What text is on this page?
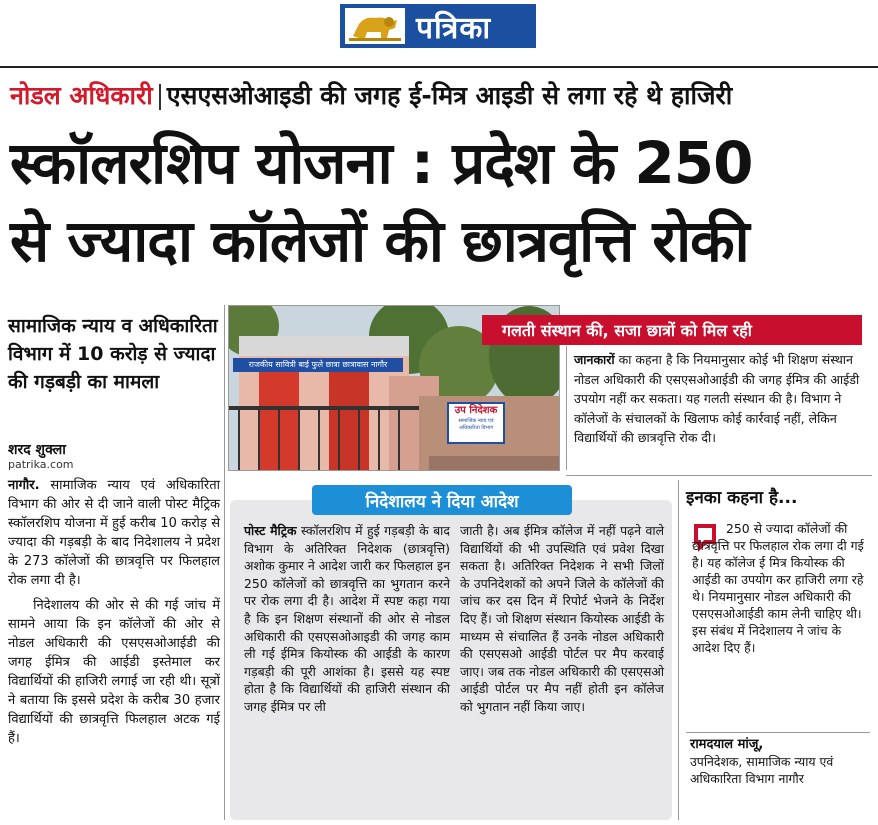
पत्रिका
नोडल अधिकारी एसएसओआइडी की जगह ई-मित्र आइडी से लगा रहे थे हाजिरी
स्कॉलरशिप योजना : प्रदेश के 250
से ज्यादा कॉलेजों की छात्रवृत्ति रोकी
सामाजिक न्याय व अधिकारिता विभाग में 10 करोड़ से ज्यादा की गड़बड़ी का मामला
शरद शुक्ला
patrika.com

नागौर. सामाजिक न्याय एवं अधिकारिता विभाग की ओर से दी जाने वाली पोस्ट मैट्रिक स्कॉलरशिप योजना में हुई करीब 10 करोड़ से ज्यादा की गड़बड़ी के बाद निदेशालय ने प्रदेश के 273 कॉलेजों की छात्रवृत्ति पर फिलहाल रोक लगा दी है।

निदेशालय की ओर से की गई जांच में सामने आया कि इन कॉलेजों की ओर से नोडल अधिकारी की एसएसओआईडी की जगह ईमित्र की आईडी इस्तेमाल कर विद्यार्थियों की हाजिरी लगाई जा रही थी। सूत्रों ने बताया कि इससे प्रदेश के करीब 30 हजार विद्यार्थियों की छात्रवृत्ति फिलहाल अटक गई हैं।

राजकीय सावित्री बाई फुले छात्रा छात्रावास नागौर
उप निदेशक
सामाजिक न्याय एवं अधिकारिता विभाग
गलती संस्थान की, सजा छात्रों को मिल रही
जानकारों का कहना है कि नियमानुसार कोई भी शिक्षण संस्थान नोडल अधिकारी की एसएसओआईडी की जगह ईमित्र की आईडी उपयोग नहीं कर सकता। यह गलती संस्थान की है। विभाग ने कॉलेजों के संचालकों के खिलाफ कोई कार्रवाई नहीं, लेकिन विद्यार्थियों की छात्रवृत्ति रोक दी।
निदेशालय ने दिया आदेश
पोस्ट मैट्रिक स्कॉलरशिप में हुई गड़बड़ी के बाद विभाग के अतिरिक्त निदेशक (छात्रवृत्ति) अशोक कुमार ने आदेश जारी कर फिलहाल इन 250 कॉलेजों को छात्रवृत्ति का भुगतान करने पर रोक लगा दी है। आदेश में स्पष्ट कहा गया है कि इन शिक्षण संस्थानों की ओर से नोडल अधिकारी की एसएसओआइडी की जगह काम ली गई ईमित्र कियोस्क की आईडी के कारण गड़बड़ी की पूरी आशंका है। इससे यह स्पष्ट होता है कि विद्यार्थियों की हाजिरी संस्थान की जगह ईमित्र पर ली
जाती है। अब ईमित्र कॉलेज में नहीं पढ़ने वाले विद्यार्थियों की भी उपस्थिति एवं प्रवेश दिखा सकता है। अतिरिक्त निदेशक ने सभी जिलों के उपनिदेशकों को अपने जिले के कॉलेजों की जांच कर दस दिन में रिपोर्ट भेजने के निर्देश दिए हैं। जो शिक्षण संस्थान कियोस्क आईडी के माध्यम से संचालित हैं उनके नोडल अधिकारी की एसएसओ आईडी पोर्टल पर मैप करवाई जाए। जब तक नोडल अधिकारी की एसएसओ आईडी पोर्टल पर मैप नहीं होती इन कॉलेज को भुगतान नहीं किया जाए।
इनका कहना है...
250 से ज्यादा कॉलेजों की छात्रवृत्ति पर फिलहाल रोक लगा दी गई है। यह कॉलेज ई मित्र कियोस्क की आईडी का उपयोग कर हाजिरी लगा रहे थे। नियमानुसार नोडल अधिकारी की एसएसओआईडी काम लेनी चाहिए थी। इस संबंध में निदेशालय ने जांच के आदेश दिए हैं।
रामदयाल मांजू,
उपनिदेशक, सामाजिक न्याय एवं अधिकारिता विभाग नागौर
